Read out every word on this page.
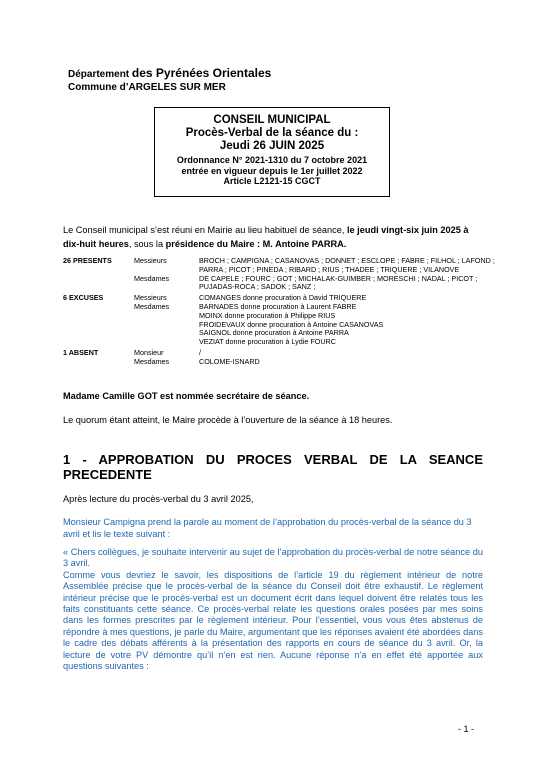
Département des Pyrénées Orientales
Commune d’ARGELES SUR MER
CONSEIL MUNICIPAL
Procès-Verbal de la séance du :
Jeudi 26 JUIN 2025
Ordonnance N° 2021-1310 du 7 octobre 2021
entrée en vigueur depuis le 1er juillet 2022
Article L2121-15 CGCT
Le Conseil municipal s’est réuni en Mairie au lieu habituel de séance, le jeudi vingt-six juin 2025 à dix-huit heures, sous la présidence du Maire : M. Antoine PARRA.
26 PRESENTS	Messieurs	BROCH ; CAMPIGNA ; CASANOVAS ; DONNET ; ESCLOPE ; FABRE ; FILHOL ; LAFOND ; PARRA ; PICOT ; PINEDA ; RIBARD ; RIUS ; THADEE ; TRIQUERE ; VILANOVE
	Mesdames	DE CAPELE ; FOURC ; GOT ; MICHALAK-GUIMBER ; MORESCHI ; NADAL ; PICOT ; PUJADAS-ROCA ; SADOK ; SANZ ;
6 EXCUSES	Messieurs	COMANGES donne procuration à David TRIQUERE
	Mesdames	BARNADES donne procuration à Laurent FABRE
		MOINX donne procuration à Philippe RIUS
		FROIDEVAUX donne procuration à Antoine CASANOVAS
		SAIGNOL donne procuration à Antoine PARRA
		VEZIAT donne procuration à Lydie FOURC
1 ABSENT	Monsieur	/
	Mesdames	COLOME-ISNARD
Madame Camille GOT est nommée secrétaire de séance.
Le quorum étant atteint, le Maire procède à l’ouverture de la séance à 18 heures.
1 - APPROBATION DU PROCES VERBAL DE LA SEANCE
PRECEDENTE
Après lecture du procès-verbal du 3 avril 2025,
Monsieur Campigna prend la parole au moment de l’approbation du procès-verbal de la séance du 3 avril et lis le texte suivant :
« Chers collègues, je souhaite intervenir au sujet de l’approbation du procès-verbal de notre séance du 3 avril.
Comme vous devriez le savoir, les dispositions de l’article 19 du règlement intérieur de notre Assemblée précise que le procès-verbal de la séance du Conseil doit être exhaustif. Le règlement intérieur précise que le procès-verbal est un document écrit dans lequel doivent être relatés tous les faits constituants cette séance. Ce procès-verbal relate les questions orales posées par mes soins dans les formes prescrites par le règlement intérieur. Pour l’essentiel, vous vous êtes abstenus de répondre à mes questions, je parle du Maire, argumentant que les réponses avaient été abordées dans le cadre des débats afférents à la présentation des rapports en cours de séance du 3 avril. Or, la lecture de votre PV démontre qu’il n’en est rien. Aucune réponse n’a en effet été apportée aux questions suivantes :
- 1 -
